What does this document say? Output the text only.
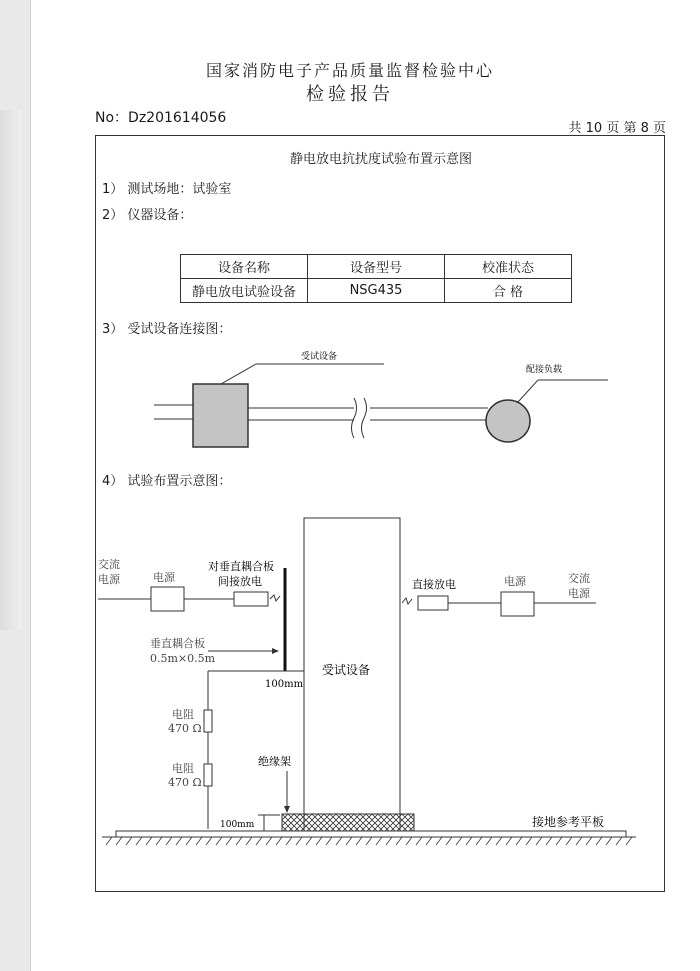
国家消防电子产品质量监督检验中心
检验报告
No：Dz201614056
共 10 页 第 8 页
静电放电抗扰度试验布置示意图
1） 测试场地：试验室
2） 仪器设备：
设备名称	设备型号	校准状态
静电放电试验设备	NSG435	合 格
3） 受试设备连接图：
4） 试验布置示意图：
受试设备
配接负载
受试设备
交流
电源	电源
对垂直耦合板
间接放电
垂直耦合板
0.5m×0.5m
100mm
电阻
470 Ω
电阻
470 Ω
绝缘架
100mm
直接放电	电源	交流
电源
接地参考平板
